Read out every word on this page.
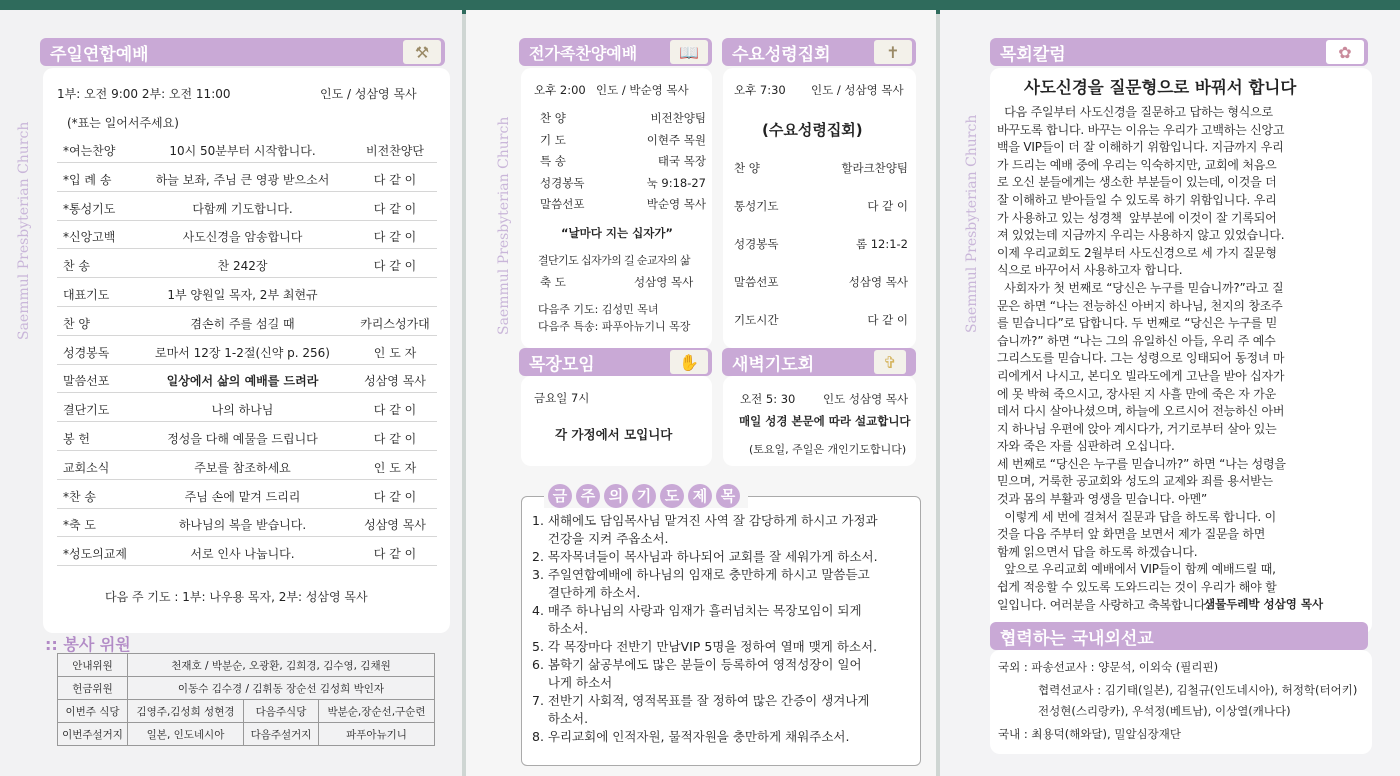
Saemmul Presbyterian Church
주일연합예배	⚒
1부: 오전 9:00 2부: 오전 11:00	인도 / 성삼영 목사
(*표는 일어서주세요)
*여는찬양	10시 50분부터 시작합니다.	비전찬양단
*입 례 송	하늘 보좌, 주님 큰 영광 받으소서	다 같 이
*통성기도	다함께 기도합니다.	다 같 이
*신앙고백	사도신경을 암송합니다	다 같 이
찬 송	찬 242장	다 같 이
대표기도	1부 양원일 목자, 2부 최현규
찬 양	겸손히 주를 섬길 때	카리스성가대
성경봉독	로마서 12장 1-2절(신약 p. 256)	인 도 자
말씀선포	일상에서 삶의 예배를 드려라	성삼영 목사
결단기도	나의 하나님	다 같 이
봉 헌	정성을 다해 예물을 드립니다	다 같 이
교회소식	주보를 참조하세요	인 도 자
*찬 송	주님 손에 맡겨 드리리	다 같 이
*축 도	하나님의 복을 받습니다.	성삼영 목사
*성도의교제	서로 인사 나눕니다.	다 같 이
다음 주 기도 : 1부: 나우용 목자, 2부: 성삼영 목사
:: 봉사 위원
안내위원	천재호 / 박분순, 오광환, 김희경, 김수영, 김채원		
헌금위원	이동수 김수경 / 김휘동 장순선 김성희 박인자		
이번주 식당	김영주,김성희 성현경	다음주식당	박분순,장순선,구순련
이번주설거지	일본, 인도네시아	다음주설거지	파푸아뉴기니
Saemmul Presbyterian Church
전가족찬양예배	📖
오후 2:00 인도 / 박순영 목사
찬 양	비전찬양팀
기 도	이현주 목원
특 송	태국 목장
성경봉독	눅 9:18-27
말씀선포	박순영 목사
“날마다 지는 십자가”
결단기도 십자가의 길 순교자의 삶
축 도	성삼영 목사
다음주 기도: 김성민 목녀
다음주 특송: 파푸아뉴기니 목장
수요성령집회	✝
오후 7:30 인도 / 성삼영 목사
(수요성령집회)
찬 양	할라크찬양팀
통성기도	다 같 이
성경봉독	롬 12:1-2
말씀선포	성삼영 목사
기도시간	다 같 이
목장모임	✋
금요일 7시
각 가정에서 모입니다
새벽기도회	✞
오전 5: 30 인도 성삼영 목사
매일 성경 본문에 따라 설교합니다
(토요일, 주일은 개인기도합니다)
금 주 의 기 도 제 목
1. 새해에도 담임목사님 맡겨진 사역 잘 감당하게 하시고 가정과
건강을 지켜 주옵소서.
2. 목자목녀들이 목사님과 하나되어 교회를 잘 세워가게 하소서.
3. 주일연합예배에 하나님의 임재로 충만하게 하시고 말씀듣고
결단하게 하소서.
4. 매주 하나님의 사랑과 임재가 흘러넘치는 목장모임이 되게
하소서.
5. 각 목장마다 전반기 만남VIP 5명을 정하여 열매 맺게 하소서.
6. 봄학기 삶공부에도 많은 분들이 등록하여 영적성장이 일어
나게 하소서
7. 전반기 사회적, 영적목표를 잘 정하여 많은 간증이 생겨나게
하소서.
8. 우리교회에 인적자원, 물적자원을 충만하게 채워주소서.
Saemmul Presbyterian Church
목회칼럼	✿
사도신경을 질문형으로 바꿔서 합니다
다음 주일부터 사도신경을 질문하고 답하는 형식으로
바꾸도록 합니다. 바꾸는 이유는 우리가 고백하는 신앙고
백을 VIP들이 더 잘 이해하기 위함입니다. 지금까지 우리
가 드리는 예배 중에 우리는 익숙하지만, 교회에 처음으
로 오신 분들에게는 생소한 부분들이 있는데, 이것을 더
잘 이해하고 받아들일 수 있도록 하기 위함입니다. 우리
가 사용하고 있는 성경책  앞부분에 이것이 잘 기록되어
져 있었는데 지금까지 우리는 사용하지 않고 있었습니다.
이제 우리교회도 2월부터 사도신경으로 세 가지 질문형
식으로 바꾸어서 사용하고자 합니다.
사회자가 첫 번째로 “당신은 누구를 믿습니까?”라고 질
문은 하면 “나는 전능하신 아버지 하나님, 천지의 창조주
를 믿습니다”로 답합니다. 두 번째로 “당신은 누구를 믿
습니까?” 하면 “나는 그의 유일하신 아들, 우리 주 예수
그리스도를 믿습니다. 그는 성령으로 잉태되어 동정녀 마
리에게서 나시고, 본디오 빌라도에게 고난을 받아 십자가
에 못 박혀 죽으시고, 장사된 지 사흘 만에 죽은 자 가운
데서 다시 살아나셨으며, 하늘에 오르시어 전능하신 아버
지 하나님 우편에 앉아 계시다가, 거기로부터 살아 있는
자와 죽은 자를 심판하려 오십니다.
세 번째로 “당신은 누구를 믿습니까?” 하면 “나는 성령을
믿으며, 거룩한 공교회와 성도의 교제와 죄를 용서받는
것과 몸의 부활과 영생을 믿습니다. 아멘”
이렇게 세 번에 걸쳐서 질문과 답을 하도록 합니다. 이
것을 다음 주부터 앞 화면을 보면서 제가 질문을 하면
함께 읽으면서 답을 하도록 하겠습니다.
앞으로 우리교회 예배에서 VIP들이 함께 예배드릴 때,
쉽게 적응할 수 있도록 도와드리는 것이 우리가 해야 할
일입니다. 여러분을 사랑하고 축복합니다.
샘물두레박 성삼영 목사
협력하는 국내외선교
국외 : 파송선교사 : 양문석, 이외숙 (필리핀)
협력선교사 : 김기태(일본), 김철규(인도네시아), 허정학(터어키)
전성현(스리랑카), 우석정(베트남), 이상열(캐나다)
국내 : 최용덕(해와달), 밀알심장재단
